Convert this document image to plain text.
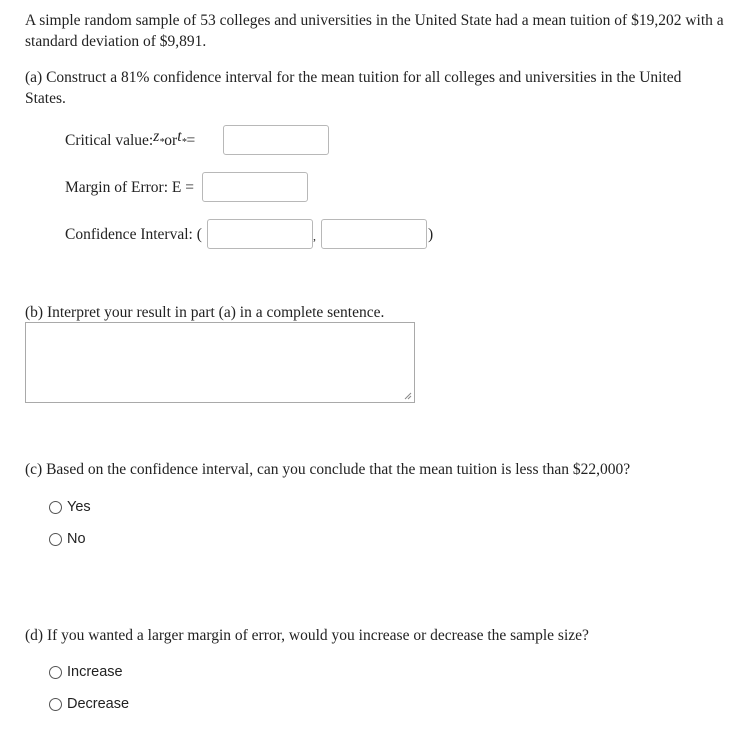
A simple random sample of 53 colleges and universities in the United State had a mean tuition of $19,202 with a standard deviation of $9,891.
(a) Construct a 81% confidence interval for the mean tuition for all colleges and universities in the United States.
Critical value: $z_*$ or $t_*$ =
Margin of Error: E =
Confidence Interval: (	,	)
(b) Interpret your result in part (a) in a complete sentence.
(c) Based on the confidence interval, can you conclude that the mean tuition is less than $22,000?
Yes
No
(d) If you wanted a larger margin of error, would you increase or decrease the sample size?
Increase
Decrease
